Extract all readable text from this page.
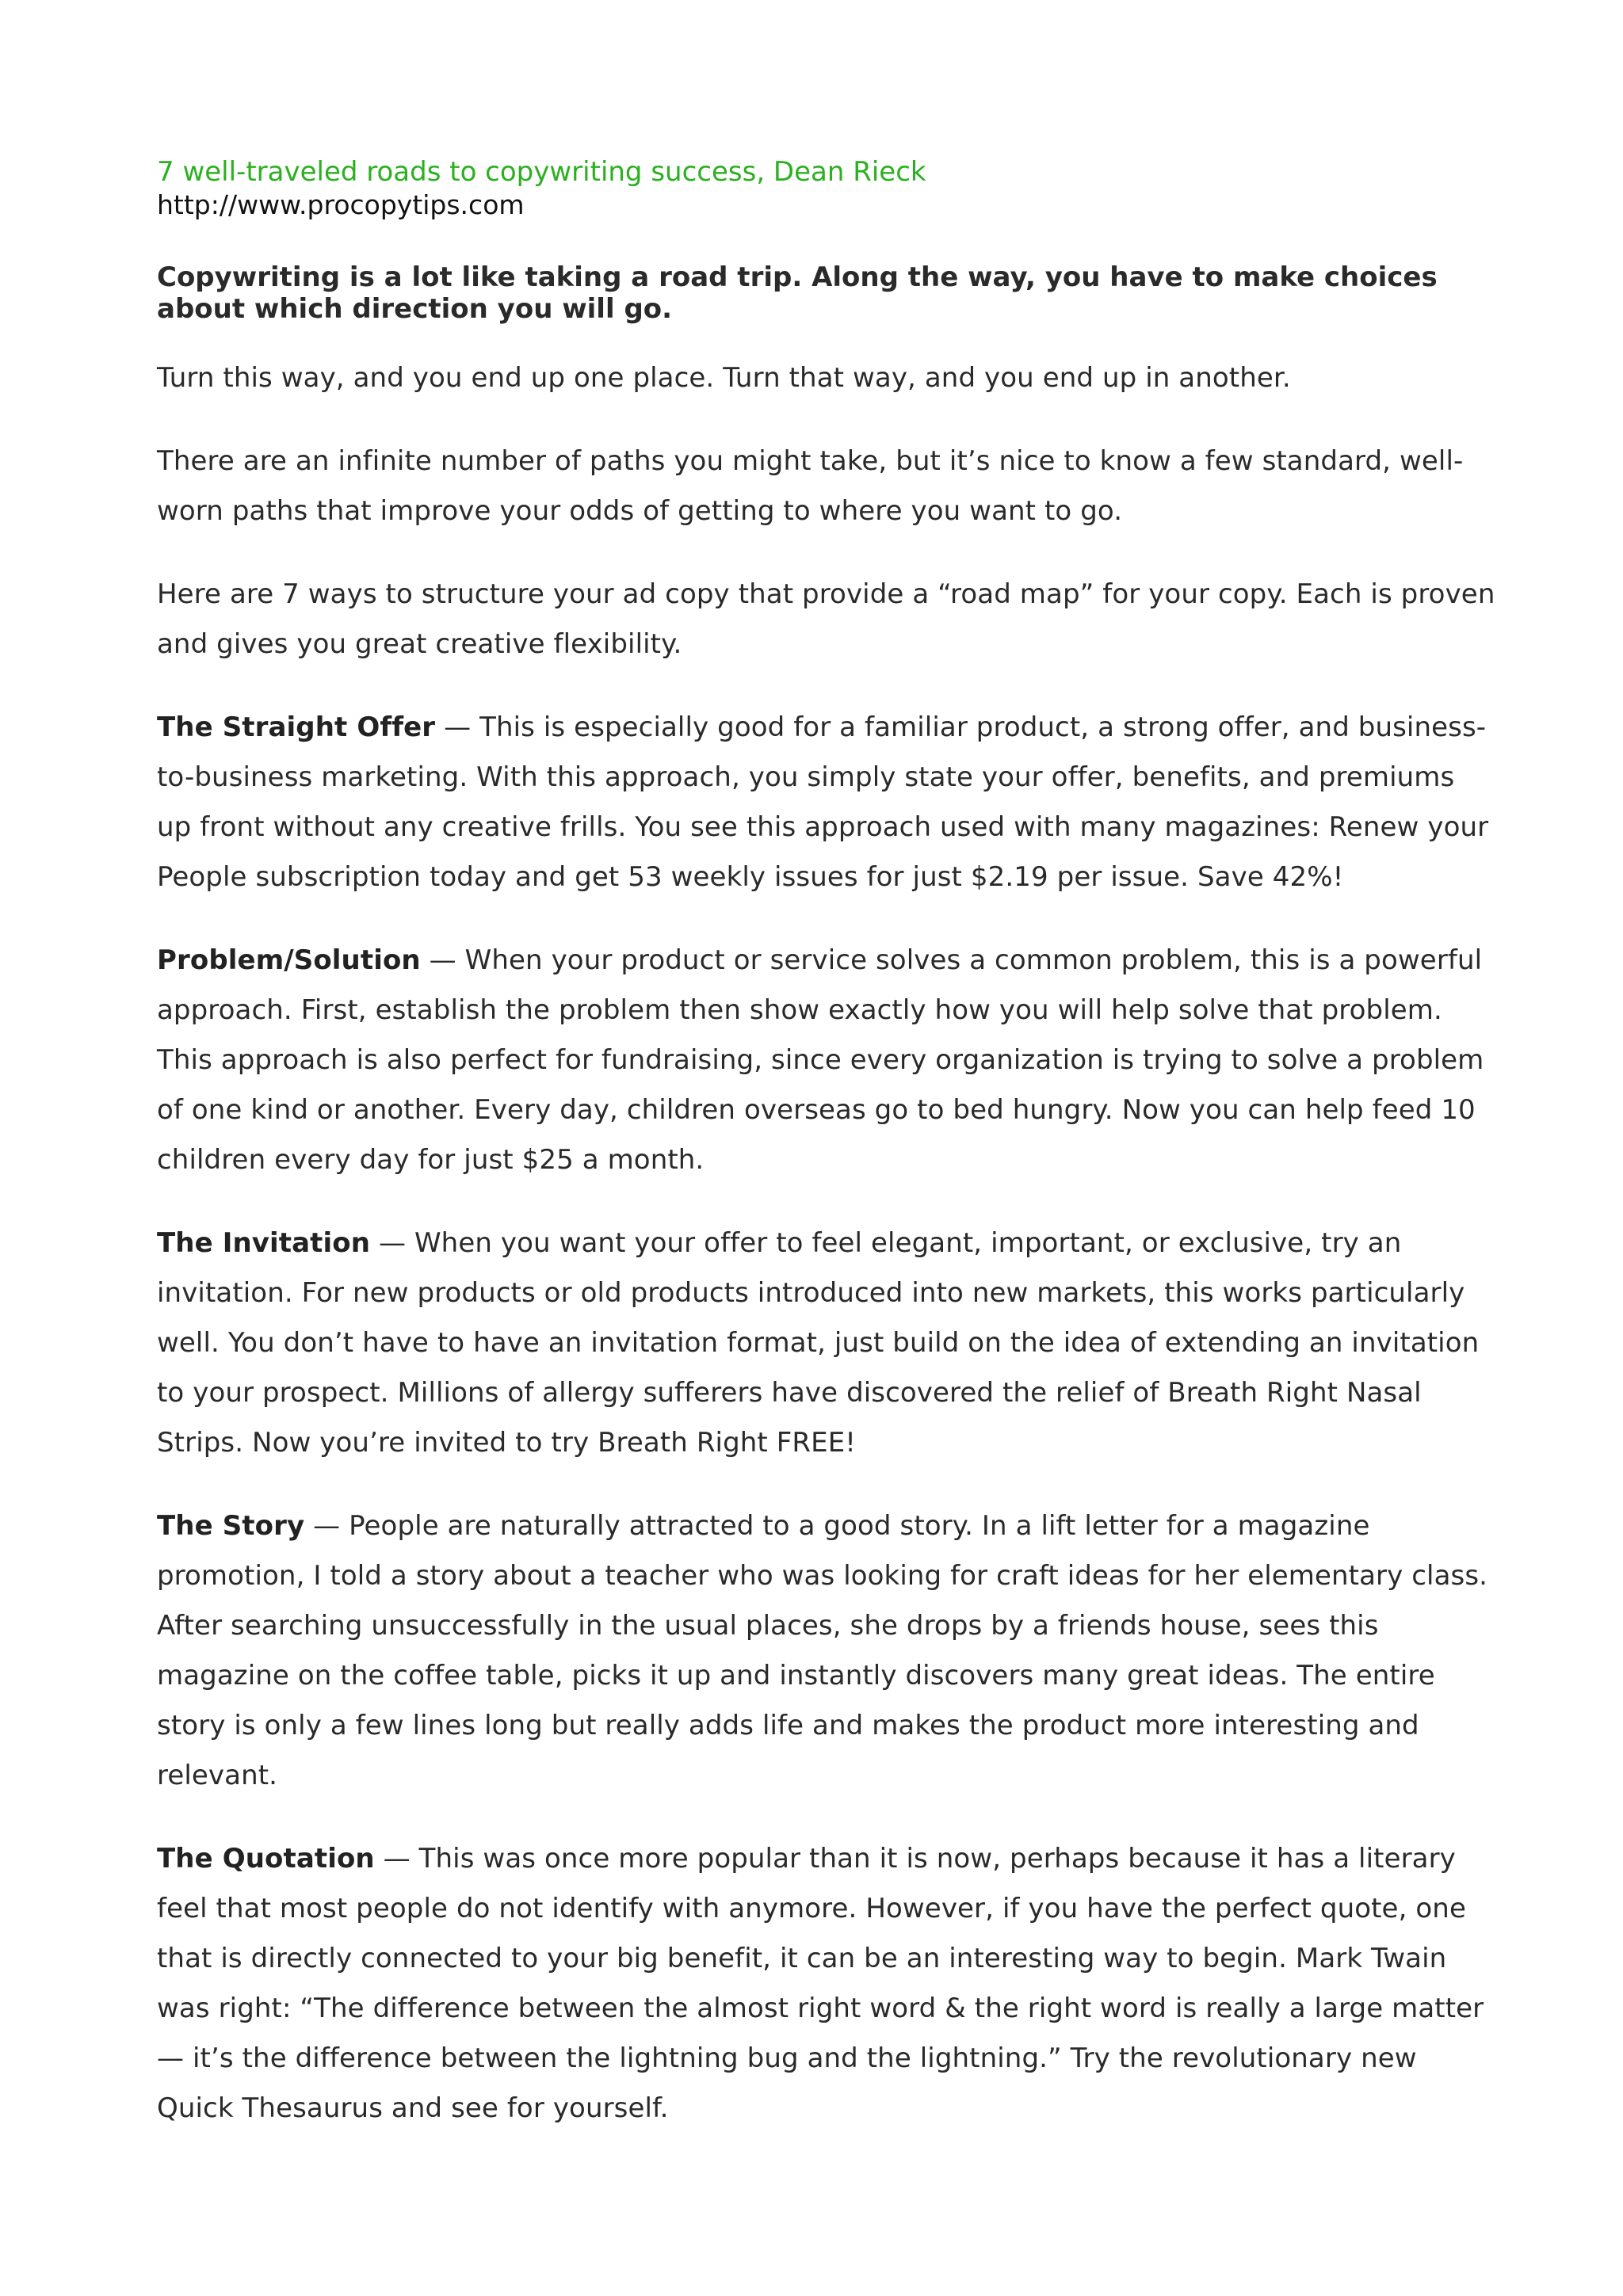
7 well-traveled roads to copywriting success, Dean Rieck

http://www.procopytips.com

Copywriting is a lot like taking a road trip. Along the way, you have to make choices about which direction you will go.

Turn this way, and you end up one place. Turn that way, and you end up in another.

There are an infinite number of paths you might take, but it’s nice to know a few standard, well-worn paths that improve your odds of getting to where you want to go.

Here are 7 ways to structure your ad copy that provide a “road map” for your copy. Each is proven and gives you great creative flexibility.

The Straight Offer — This is especially good for a familiar product, a strong offer, and business-to-business marketing. With this approach, you simply state your offer, benefits, and premiums up front without any creative frills. You see this approach used with many magazines: Renew your People subscription today and get 53 weekly issues for just $2.19 per issue. Save 42%!

Problem/Solution — When your product or service solves a common problem, this is a powerful approach. First, establish the problem then show exactly how you will help solve that problem. This approach is also perfect for fundraising, since every organization is trying to solve a problem of one kind or another. Every day, children overseas go to bed hungry. Now you can help feed 10 children every day for just $25 a month.

The Invitation — When you want your offer to feel elegant, important, or exclusive, try an invitation. For new products or old products introduced into new markets, this works particularly well. You don’t have to have an invitation format, just build on the idea of extending an invitation to your prospect. Millions of allergy sufferers have discovered the relief of Breath Right Nasal Strips. Now you’re invited to try Breath Right FREE!

The Story — People are naturally attracted to a good story. In a lift letter for a magazine promotion, I told a story about a teacher who was looking for craft ideas for her elementary class. After searching unsuccessfully in the usual places, she drops by a friends house, sees this magazine on the coffee table, picks it up and instantly discovers many great ideas. The entire story is only a few lines long but really adds life and makes the product more interesting and relevant.

The Quotation — This was once more popular than it is now, perhaps because it has a literary feel that most people do not identify with anymore. However, if you have the perfect quote, one that is directly connected to your big benefit, it can be an interesting way to begin. Mark Twain was right: “The difference between the almost right word & the right word is really a large matter — it’s the difference between the lightning bug and the lightning.” Try the revolutionary new Quick Thesaurus and see for yourself.
